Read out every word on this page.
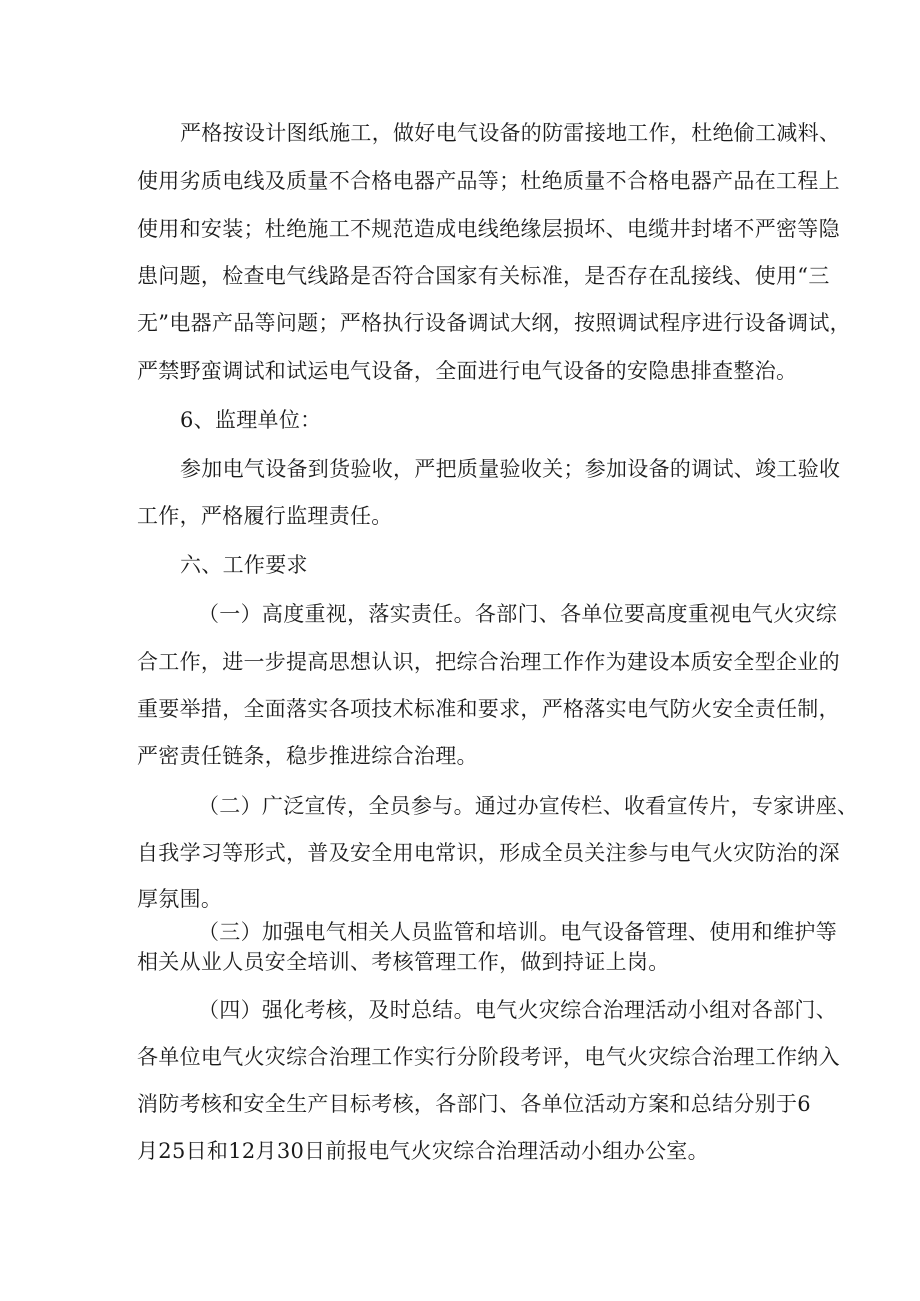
严格按设计图纸施工，做好电气设备的防雷接地工作，杜绝偷工减料、
使用劣质电线及质量不合格电器产品等；杜绝质量不合格电器产品在工程上
使用和安装；杜绝施工不规范造成电线绝缘层损坏、电缆井封堵不严密等隐
患问题，检查电气线路是否符合国家有关标准，是否存在乱接线、使用“三
无”电器产品等问题；严格执行设备调试大纲，按照调试程序进行设备调试，
严禁野蛮调试和试运电气设备，全面进行电气设备的安隐患排查整治。
6、监理单位：
参加电气设备到货验收，严把质量验收关；参加设备的调试、竣工验收
工作，严格履行监理责任。
六、工作要求
（一）高度重视，落实责任。各部门、各单位要高度重视电气火灾综
合工作，进一步提高思想认识，把综合治理工作作为建设本质安全型企业的
重要举措，全面落实各项技术标准和要求，严格落实电气防火安全责任制，
严密责任链条，稳步推进综合治理。
（二）广泛宣传，全员参与。通过办宣传栏、收看宣传片，专家讲座、
自我学习等形式，普及安全用电常识，形成全员关注参与电气火灾防治的深
厚氛围。
（三）加强电气相关人员监管和培训。电气设备管理、使用和维护等
相关从业人员安全培训、考核管理工作，做到持证上岗。
（四）强化考核，及时总结。电气火灾综合治理活动小组对各部门、
各单位电气火灾综合治理工作实行分阶段考评，电气火灾综合治理工作纳入
消防考核和安全生产目标考核，各部门、各单位活动方案和总结分别于6
月25日和12月30日前报电气火灾综合治理活动小组办公室。
